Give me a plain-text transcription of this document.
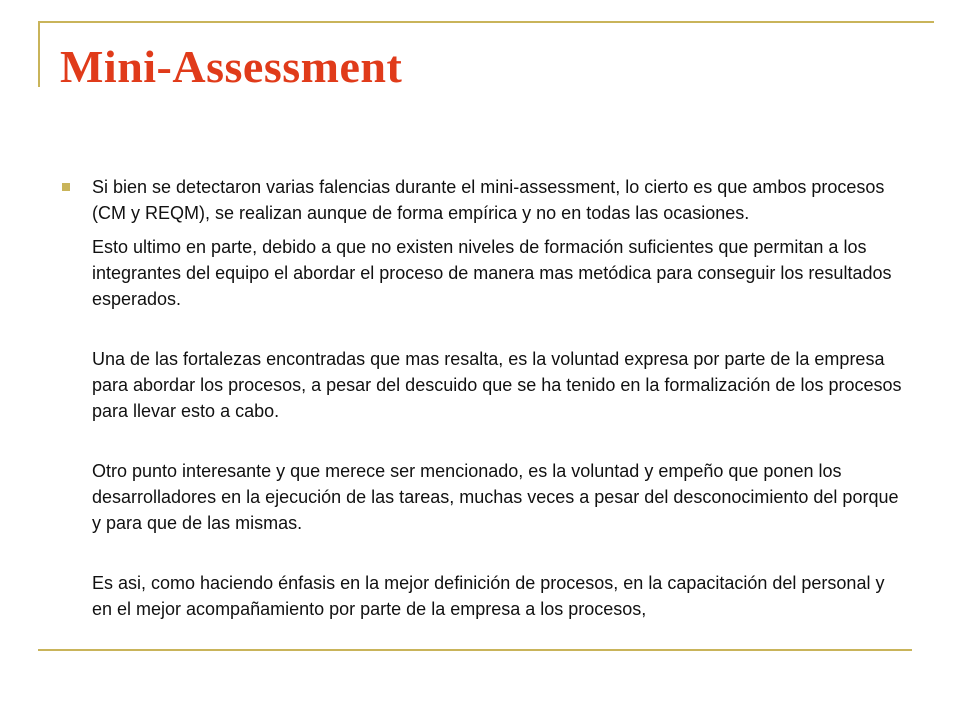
Mini-Assessment

Si bien se detectaron varias falencias durante el mini-assessment, lo cierto es que ambos procesos (CM y REQM), se realizan aunque de forma empírica y no en todas las ocasiones.

Esto ultimo en parte, debido a que no existen niveles de formación suficientes que permitan a los integrantes del equipo el abordar el proceso de manera mas metódica para conseguir los resultados esperados.

Una de las fortalezas encontradas que mas resalta, es la voluntad expresa por parte de la empresa para abordar los procesos, a pesar del descuido que se ha tenido en la formalización de los procesos para llevar esto a cabo.

Otro punto interesante y que merece ser mencionado, es la voluntad y empeño que ponen los desarrolladores en la ejecución de las tareas, muchas veces a pesar del desconocimiento del porque y para que de las mismas.

Es asi, como haciendo énfasis en la mejor definición de procesos, en la capacitación del personal y en el mejor acompañamiento por parte de la empresa a los procesos,
